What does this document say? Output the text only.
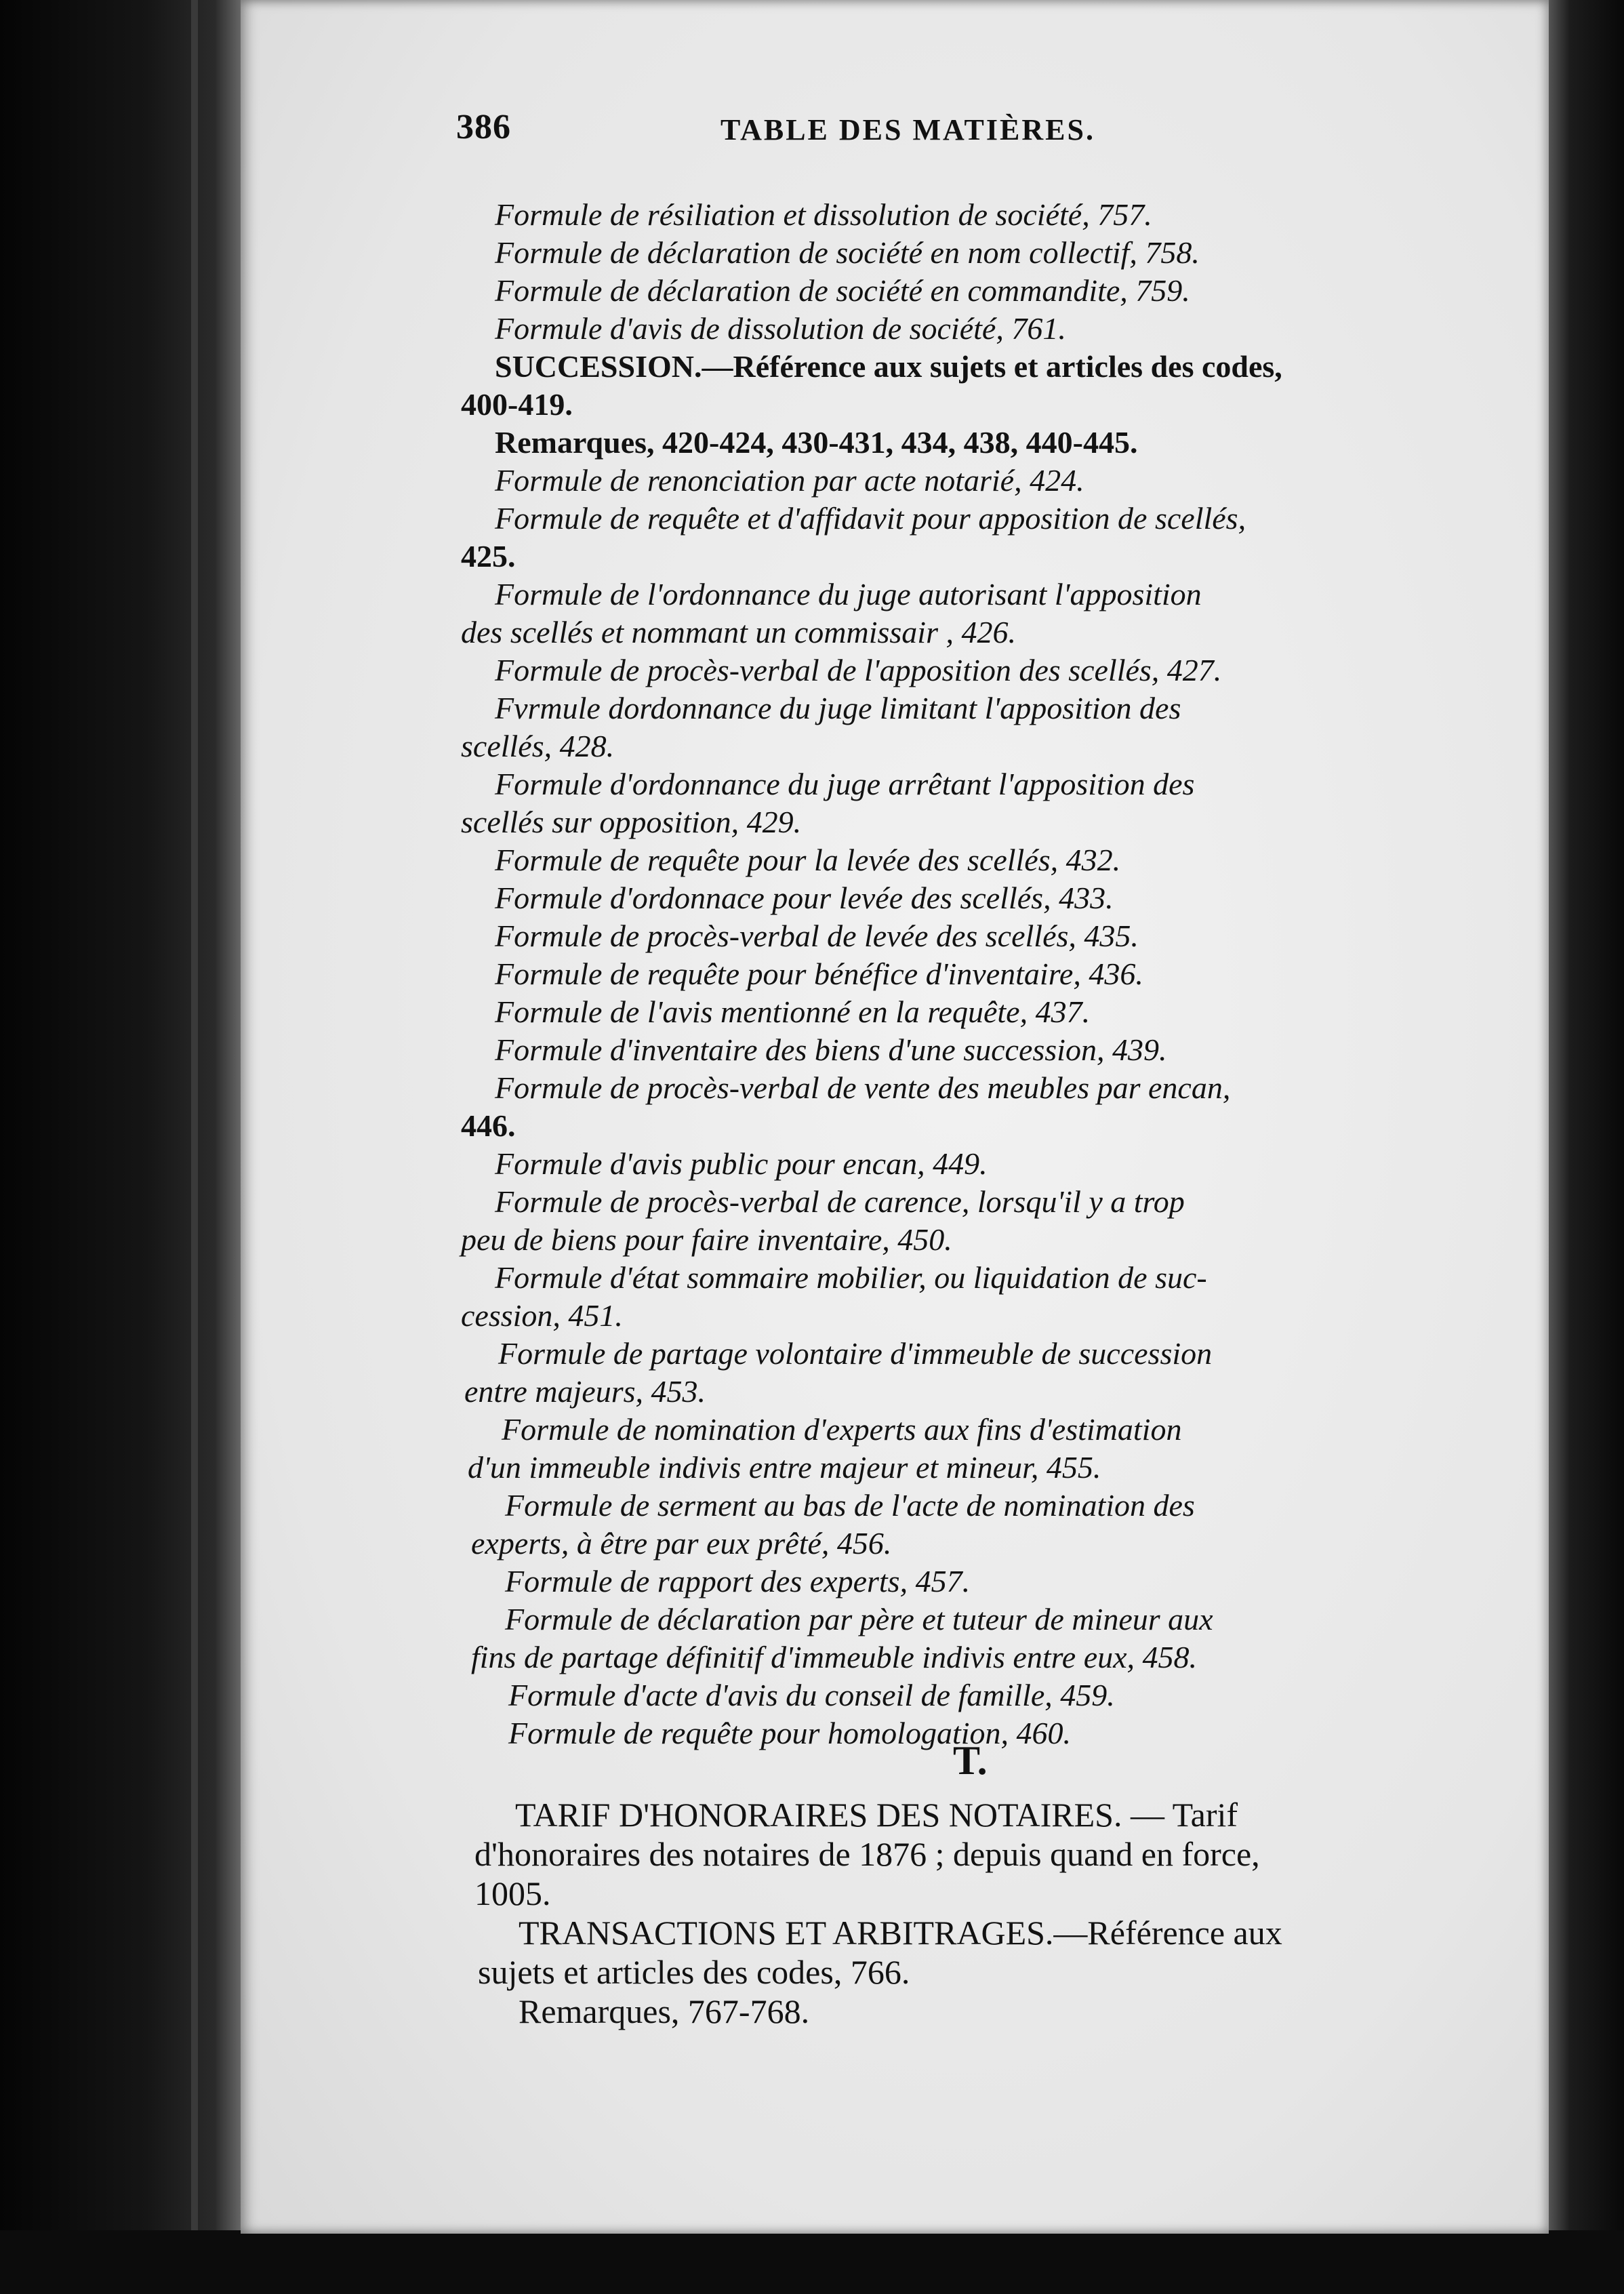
386	TABLE DES MATIÈRES.
Formule de résiliation et dissolution de société, 757.
Formule de déclaration de société en nom collectif, 758.
Formule de déclaration de société en commandite, 759.
Formule d'avis de dissolution de société, 761.
SUCCESSION.—Référence aux sujets et articles des codes,
400-419.
Remarques, 420-424, 430-431, 434, 438, 440-445.
Formule de renonciation par acte notarié, 424.
Formule de requête et d'affidavit pour apposition de scellés,
425.
Formule de l'ordonnance du juge autorisant l'apposition
des scellés et nommant un commissair , 426.
Formule de procès-verbal de l'apposition des scellés, 427.
Fvrmule dordonnance du juge limitant l'apposition des
scellés, 428.
Formule d'ordonnance du juge arrêtant l'apposition des
scellés sur opposition, 429.
Formule de requête pour la levée des scellés, 432.
Formule d'ordonnace pour levée des scellés, 433.
Formule de procès-verbal de levée des scellés, 435.
Formule de requête pour bénéfice d'inventaire, 436.
Formule de l'avis mentionné en la requête, 437.
Formule d'inventaire des biens d'une succession, 439.
Formule de procès-verbal de vente des meubles par encan,
446.
Formule d'avis public pour encan, 449.
Formule de procès-verbal de carence, lorsqu'il y a trop
peu de biens pour faire inventaire, 450.
Formule d'état sommaire mobilier, ou liquidation de suc-
cession, 451.
Formule de partage volontaire d'immeuble de succession
entre majeurs, 453.
Formule de nomination d'experts aux fins d'estimation
d'un immeuble indivis entre majeur et mineur, 455.
Formule de serment au bas de l'acte de nomination des
experts, à être par eux prêté, 456.
Formule de rapport des experts, 457.
Formule de déclaration par père et tuteur de mineur aux
fins de partage définitif d'immeuble indivis entre eux, 458.
Formule d'acte d'avis du conseil de famille, 459.
Formule de requête pour homologation, 460.
T.
TARIF D'HONORAIRES DES NOTAIRES. — Tarif
d'honoraires des notaires de 1876 ; depuis quand en force,
1005.
TRANSACTIONS ET ARBITRAGES.—Référence aux
sujets et articles des codes, 766.
Remarques, 767-768.
